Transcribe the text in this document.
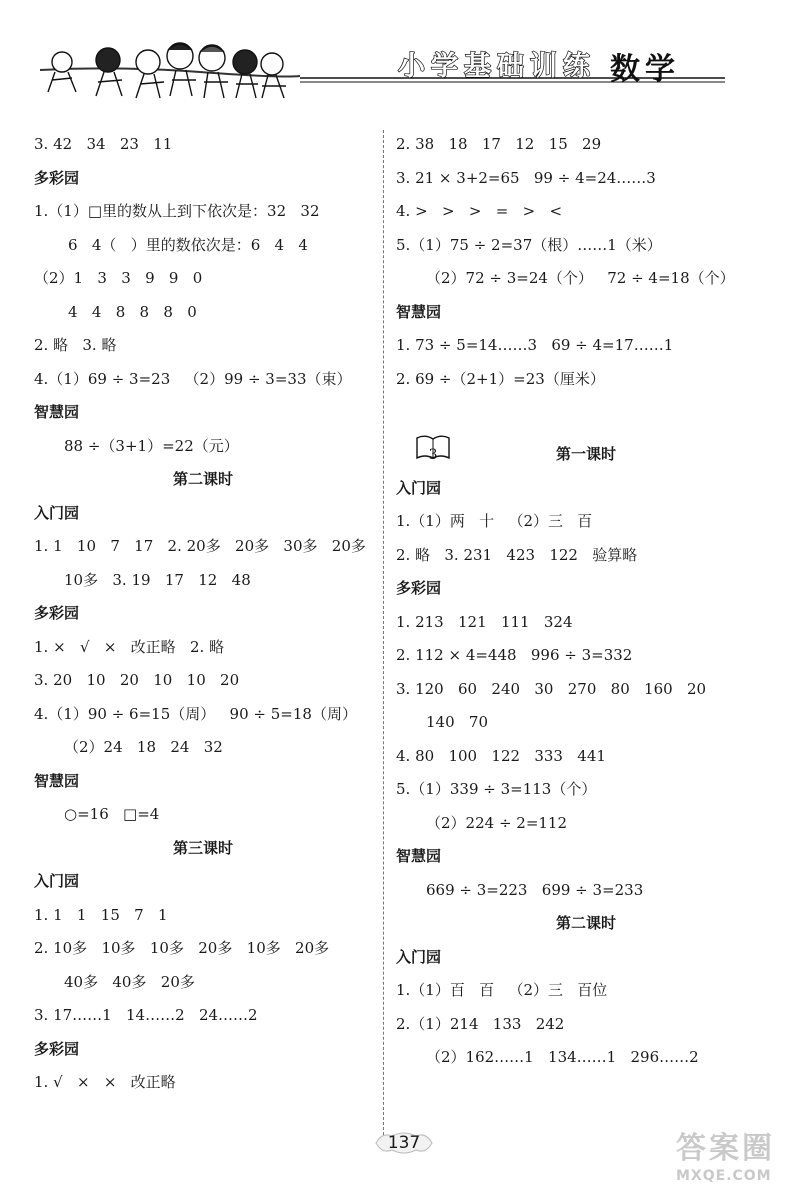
小学基础训练 数学
3. 42   34   23   11
多彩园
1.（1）□里的数从上到下依次是：32   32
6   4（   ）里的数依次是：6   4   4
（2）1   3   3   9   9   0
4   4   8   8   8   0
2. 略   3. 略
4.（1）69 ÷ 3=23   （2）99 ÷ 3=33（束）
智慧园
88 ÷（3+1）=22（元）
第二课时
入门园
1. 1   10   7   17   2. 20多   20多   30多   20多
10多   3. 19   17   12   48
多彩园
1. ×   √   ×   改正略   2. 略
3. 20   10   20   10   10   20
4.（1）90 ÷ 6=15（周）   90 ÷ 5=18（周）
（2）24   18   24   32
智慧园
○=16   □=4
第三课时
入门园
1. 1   1   15   7   1
2. 10多   10多   10多   20多   10多   20多
40多   40多   20多
3. 17……1   14……2   24……2
多彩园
1. √   ×   ×   改正略
2. 38   18   17   12   15   29
3. 21 × 3+2=65   99 ÷ 4=24……3
4. >   >   >   =   >   <
5.（1）75 ÷ 2=37（根）……1（米）
（2）72 ÷ 3=24（个）   72 ÷ 4=18（个）
智慧园
1. 73 ÷ 5=14……3   69 ÷ 4=17……1
2. 69 ÷（2+1）=23（厘米）

3

	第一课时
入门园
1.（1）两   十   （2）三   百
2. 略   3. 231   423   122   验算略
多彩园
1. 213   121   111   324
2. 112 × 4=448   996 ÷ 3=332
3. 120   60   240   30   270   80   160   20
140   70
4. 80   100   122   333   441
5.（1）339 ÷ 3=113（个）
（2）224 ÷ 2=112
智慧园
669 ÷ 3=223   699 ÷ 3=233
第二课时
入门园
1.（1）百   百   （2）三   百位
2.（1）214   133   242
（2）162……1   134……1   296……2
137	答案圈
MXQE.COM
